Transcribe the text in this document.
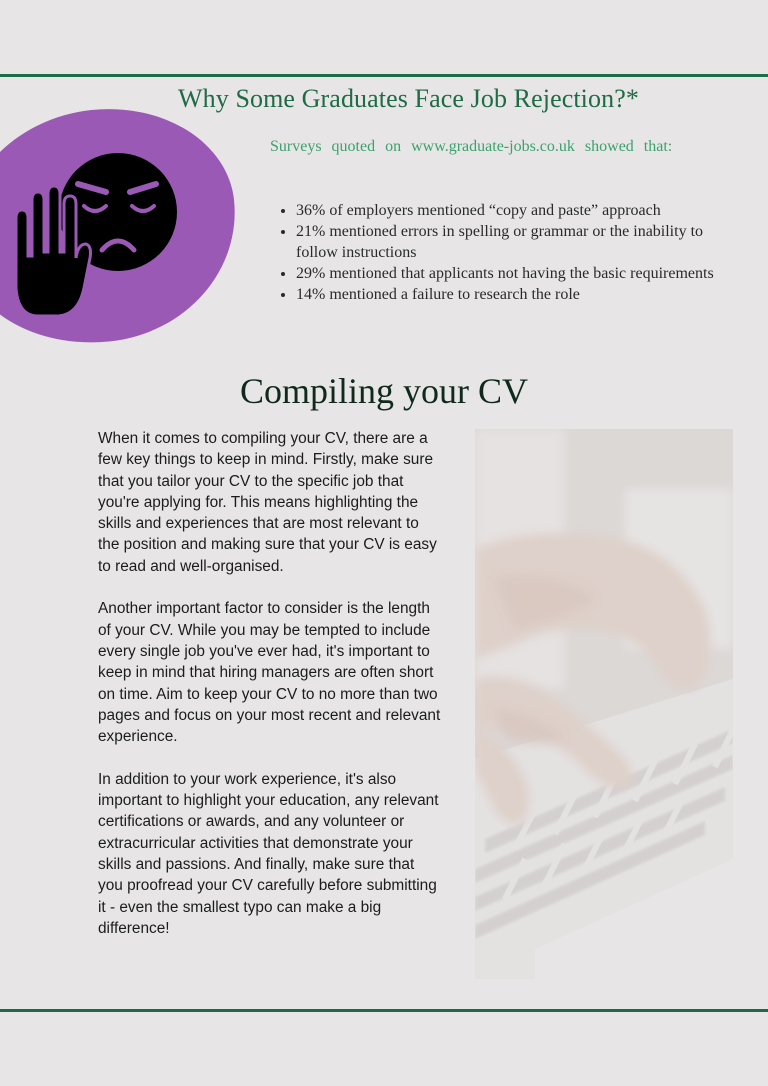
Why Some Graduates Face Job Rejection?*

Surveys quoted on www.graduate-jobs.co.uk showed that:

• 36% of employers mentioned “copy and paste” approach
• 21% mentioned errors in spelling or grammar or the inability to follow instructions
• 29% mentioned that applicants not having the basic requirements
• 14% mentioned a failure to research the role
Compiling your CV

When it comes to compiling your CV, there are a few key things to keep in mind. Firstly, make sure that you tailor your CV to the specific job that you're applying for. This means highlighting the skills and experiences that are most relevant to the position and making sure that your CV is easy to read and well-organised.

Another important factor to consider is the length of your CV. While you may be tempted to include every single job you've ever had, it's important to keep in mind that hiring managers are often short on time. Aim to keep your CV to no more than two pages and focus on your most recent and relevant experience.

In addition to your work experience, it's also important to highlight your education, any relevant certifications or awards, and any volunteer or extracurricular activities that demonstrate your skills and passions. And finally, make sure that you proofread your CV carefully before submitting it - even the smallest typo can make a big difference!
